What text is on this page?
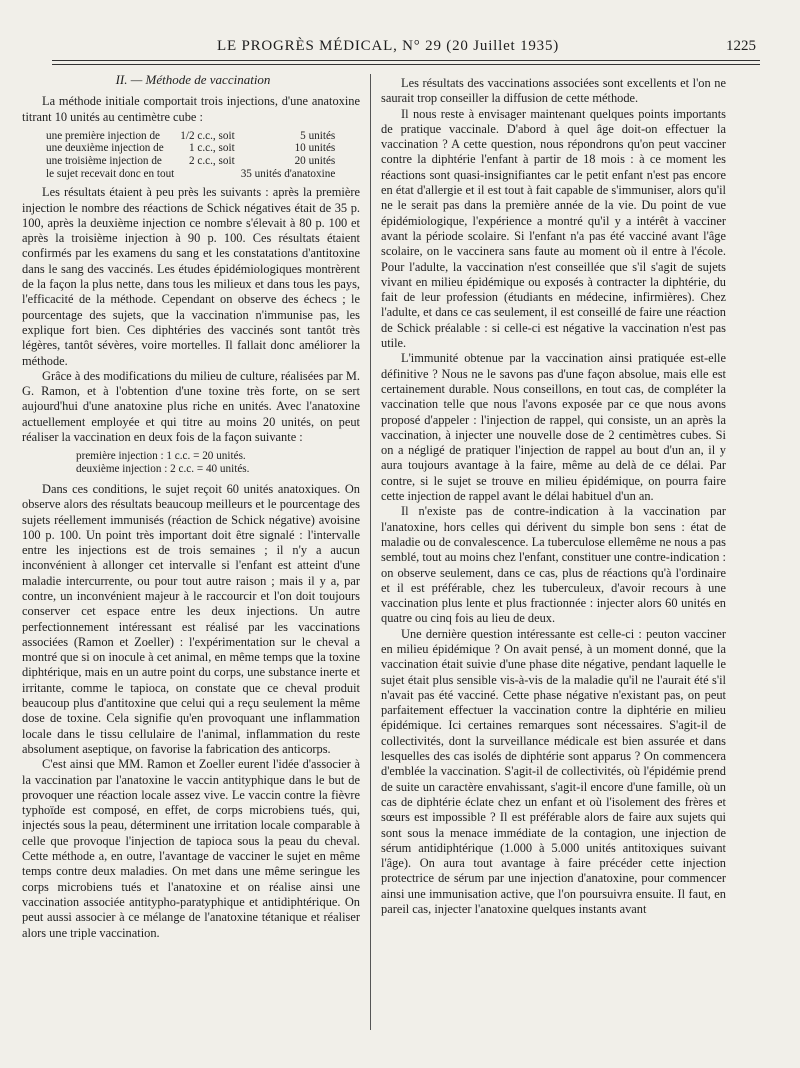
LE PROGRÈS MÉDICAL, N° 29 (20 Juillet 1935)	1225
II. — Méthode de vaccination

La méthode initiale comportait trois injections, d'une anatoxine titrant 10 unités au centimètre cube :

une première injection de	1/2 c.c., soit	5 unités
une deuxième injection de	1 c.c., soit	10 unités
une troisième injection de	2 c.c., soit	20 unités
le sujet recevait donc en tout		35 unités d'anatoxine

Les résultats étaient à peu près les suivants : après la première injection le nombre des réactions de Schick négatives était de 35 p. 100, après la deuxième injection ce nombre s'élevait à 80 p. 100 et après la troisième injection à 90 p. 100. Ces résultats étaient confirmés par les examens du sang et les constatations d'antitoxine dans le sang des vaccinés. Les études épidémiologiques montrèrent de la façon la plus nette, dans tous les milieux et dans tous les pays, l'efficacité de la méthode. Cependant on observe des échecs ; le pourcentage des sujets, que la vaccination n'immunise pas, les explique fort bien. Ces diphtéries des vaccinés sont tantôt très légères, tantôt sévères, voire mortelles. Il fallait donc améliorer la méthode.

Grâce à des modifications du milieu de culture, réalisées par M. G. Ramon, et à l'obtention d'une toxine très forte, on se sert aujourd'hui d'une anatoxine plus riche en unités. Avec l'anatoxine actuellement employée et qui titre au moins 20 unités, on peut réaliser la vaccination en deux fois de la façon suivante :

première injection : 1 c.c. = 20 unités.
deuxième injection : 2 c.c. = 40 unités.

Dans ces conditions, le sujet reçoit 60 unités anatoxiques. On observe alors des résultats beaucoup meilleurs et le pourcentage des sujets réellement immunisés (réaction de Schick négative) avoisine 100 p. 100. Un point très important doit être signalé : l'intervalle entre les injections est de trois semaines ; il n'y a aucun inconvénient à allonger cet intervalle si l'enfant est atteint d'une maladie intercurrente, ou pour tout autre raison ; mais il y a, par contre, un inconvénient majeur à le raccourcir et l'on doit toujours conserver cet espace entre les deux injections. Un autre perfectionnement intéressant est réalisé par les vaccinations associées (Ramon et Zoeller) : l'expérimentation sur le cheval a montré que si on inocule à cet animal, en même temps que la toxine diphtérique, mais en un autre point du corps, une substance inerte et irritante, comme le tapioca, on constate que ce cheval produit beaucoup plus d'antitoxine que celui qui a reçu seulement la même dose de toxine. Cela signifie qu'en provoquant une inflammation locale dans le tissu cellulaire de l'animal, inflammation du reste absolument aseptique, on favorise la fabrication des anticorps.

C'est ainsi que MM. Ramon et Zoeller eurent l'idée d'associer à la vaccination par l'anatoxine le vaccin antityphique dans le but de provoquer une réaction locale assez vive. Le vaccin contre la fièvre typhoïde est composé, en effet, de corps microbiens tués, qui, injectés sous la peau, déterminent une irritation locale comparable à celle que provoque l'injection de tapioca sous la peau du cheval. Cette méthode a, en outre, l'avantage de vacciner le sujet en même temps contre deux maladies. On met dans une même seringue les corps microbiens tués et l'anatoxine et on réalise ainsi une vaccination associée antitypho-paratyphique et antidiphtérique. On peut aussi associer à ce mélange de l'anatoxine tétanique et réaliser alors une triple vaccination.

Les résultats des vaccinations associées sont excellents et l'on ne saurait trop conseiller la diffusion de cette méthode.

Il nous reste à envisager maintenant quelques points importants de pratique vaccinale. D'abord à quel âge doit-on effectuer la vaccination ? A cette question, nous répondrons qu'on peut vacciner contre la diphtérie l'enfant à partir de 18 mois : à ce moment les réactions sont quasi-insignifiantes car le petit enfant n'est pas encore en état d'allergie et il est tout à fait capable de s'immuniser, alors qu'il ne le serait pas dans la première année de la vie. Du point de vue épidémiologique, l'expérience a montré qu'il y a intérêt à vacciner avant la période scolaire. Si l'enfant n'a pas été vacciné avant l'âge scolaire, on le vaccinera sans faute au moment où il entre à l'école. Pour l'adulte, la vaccination n'est conseillée que s'il s'agit de sujets vivant en milieu épidémique ou exposés à contracter la diphtérie, du fait de leur profession (étudiants en médecine, infirmières). Chez l'adulte, et dans ce cas seulement, il est conseillé de faire une réaction de Schick préalable : si celle-ci est négative la vaccination n'est pas utile.

L'immunité obtenue par la vaccination ainsi pratiquée est-elle définitive ? Nous ne le savons pas d'une façon absolue, mais elle est certainement durable. Nous conseillons, en tout cas, de compléter la vaccination telle que nous l'avons exposée par ce que nous avons proposé d'appeler : l'injection de rappel, qui consiste, un an après la vaccination, à injecter une nouvelle dose de 2 centimètres cubes. Si on a négligé de pratiquer l'injection de rappel au bout d'un an, il y aura toujours avantage à la faire, même au delà de ce délai. Par contre, si le sujet se trouve en milieu épidémique, on pourra faire cette injection de rappel avant le délai habituel d'un an.

Il n'existe pas de contre-indication à la vaccination par l'anatoxine, hors celles qui dérivent du simple bon sens : état de maladie ou de convalescence. La tuberculose ellemême ne nous a pas semblé, tout au moins chez l'enfant, constituer une contre-indication : on observe seulement, dans ce cas, plus de réactions qu'à l'ordinaire et il est préférable, chez les tuberculeux, d'avoir recours à une vaccination plus lente et plus fractionnée : injecter alors 60 unités en quatre ou cinq fois au lieu de deux.

Une dernière question intéressante est celle-ci : peuton vacciner en milieu épidémique ? On avait pensé, à un moment donné, que la vaccination était suivie d'une phase dite négative, pendant laquelle le sujet était plus sensible vis-à-vis de la maladie qu'il ne l'aurait été s'il n'avait pas été vacciné. Cette phase négative n'existant pas, on peut parfaitement effectuer la vaccination contre la diphtérie en milieu épidémique. Ici certaines remarques sont nécessaires. S'agit-il de collectivités, dont la surveillance médicale est bien assurée et dans lesquelles des cas isolés de diphtérie sont apparus ? On commencera d'emblée la vaccination. S'agit-il de collectivités, où l'épidémie prend de suite un caractère envahissant, s'agit-il encore d'une famille, où un cas de diphtérie éclate chez un enfant et où l'isolement des frères et sœurs est impossible ? Il est préférable alors de faire aux sujets qui sont sous la menace immédiate de la contagion, une injection de sérum antidiphtérique (1.000 à 5.000 unités antitoxiques suivant l'âge). On aura tout avantage à faire précéder cette injection protectrice de sérum par une injection d'anatoxine, pour commencer ainsi une immunisation active, que l'on poursuivra ensuite. Il faut, en pareil cas, injecter l'anatoxine quelques instants avant
